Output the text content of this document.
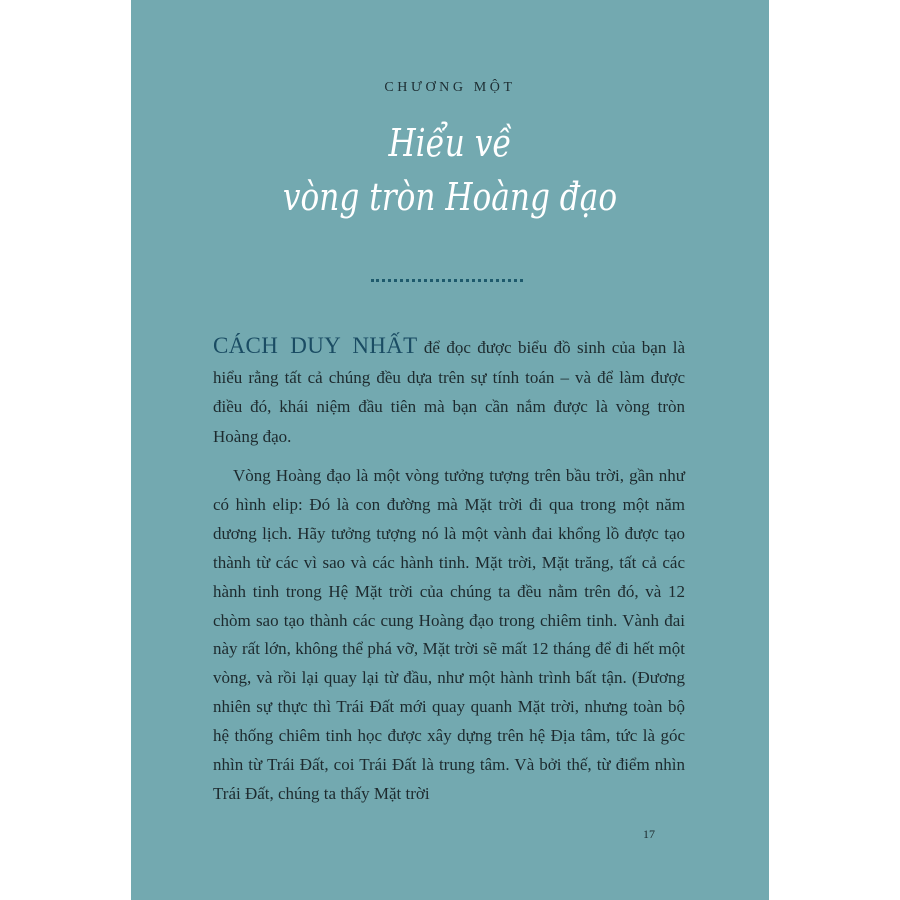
CHƯƠNG MỘT
Hiểu về
vòng tròn Hoàng đạo

CÁCH DUY NHẤT để đọc được biểu đồ sinh của bạn là hiểu rằng tất cả chúng đều dựa trên sự tính toán – và để làm được điều đó, khái niệm đầu tiên mà bạn cần nắm được là vòng tròn Hoàng đạo.

Vòng Hoàng đạo là một vòng tưởng tượng trên bầu trời, gần như có hình elip: Đó là con đường mà Mặt trời đi qua trong một năm dương lịch. Hãy tưởng tượng nó là một vành đai khổng lồ được tạo thành từ các vì sao và các hành tinh. Mặt trời, Mặt trăng, tất cả các hành tinh trong Hệ Mặt trời của chúng ta đều nằm trên đó, và 12 chòm sao tạo thành các cung Hoàng đạo trong chiêm tinh. Vành đai này rất lớn, không thể phá vỡ, Mặt trời sẽ mất 12 tháng để đi hết một vòng, và rồi lại quay lại từ đầu, như một hành trình bất tận. (Đương nhiên sự thực thì Trái Đất mới quay quanh Mặt trời, nhưng toàn bộ hệ thống chiêm tinh học được xây dựng trên hệ Địa tâm, tức là góc nhìn từ Trái Đất, coi Trái Đất là trung tâm. Và bởi thế, từ điểm nhìn Trái Đất, chúng ta thấy Mặt trời

17
